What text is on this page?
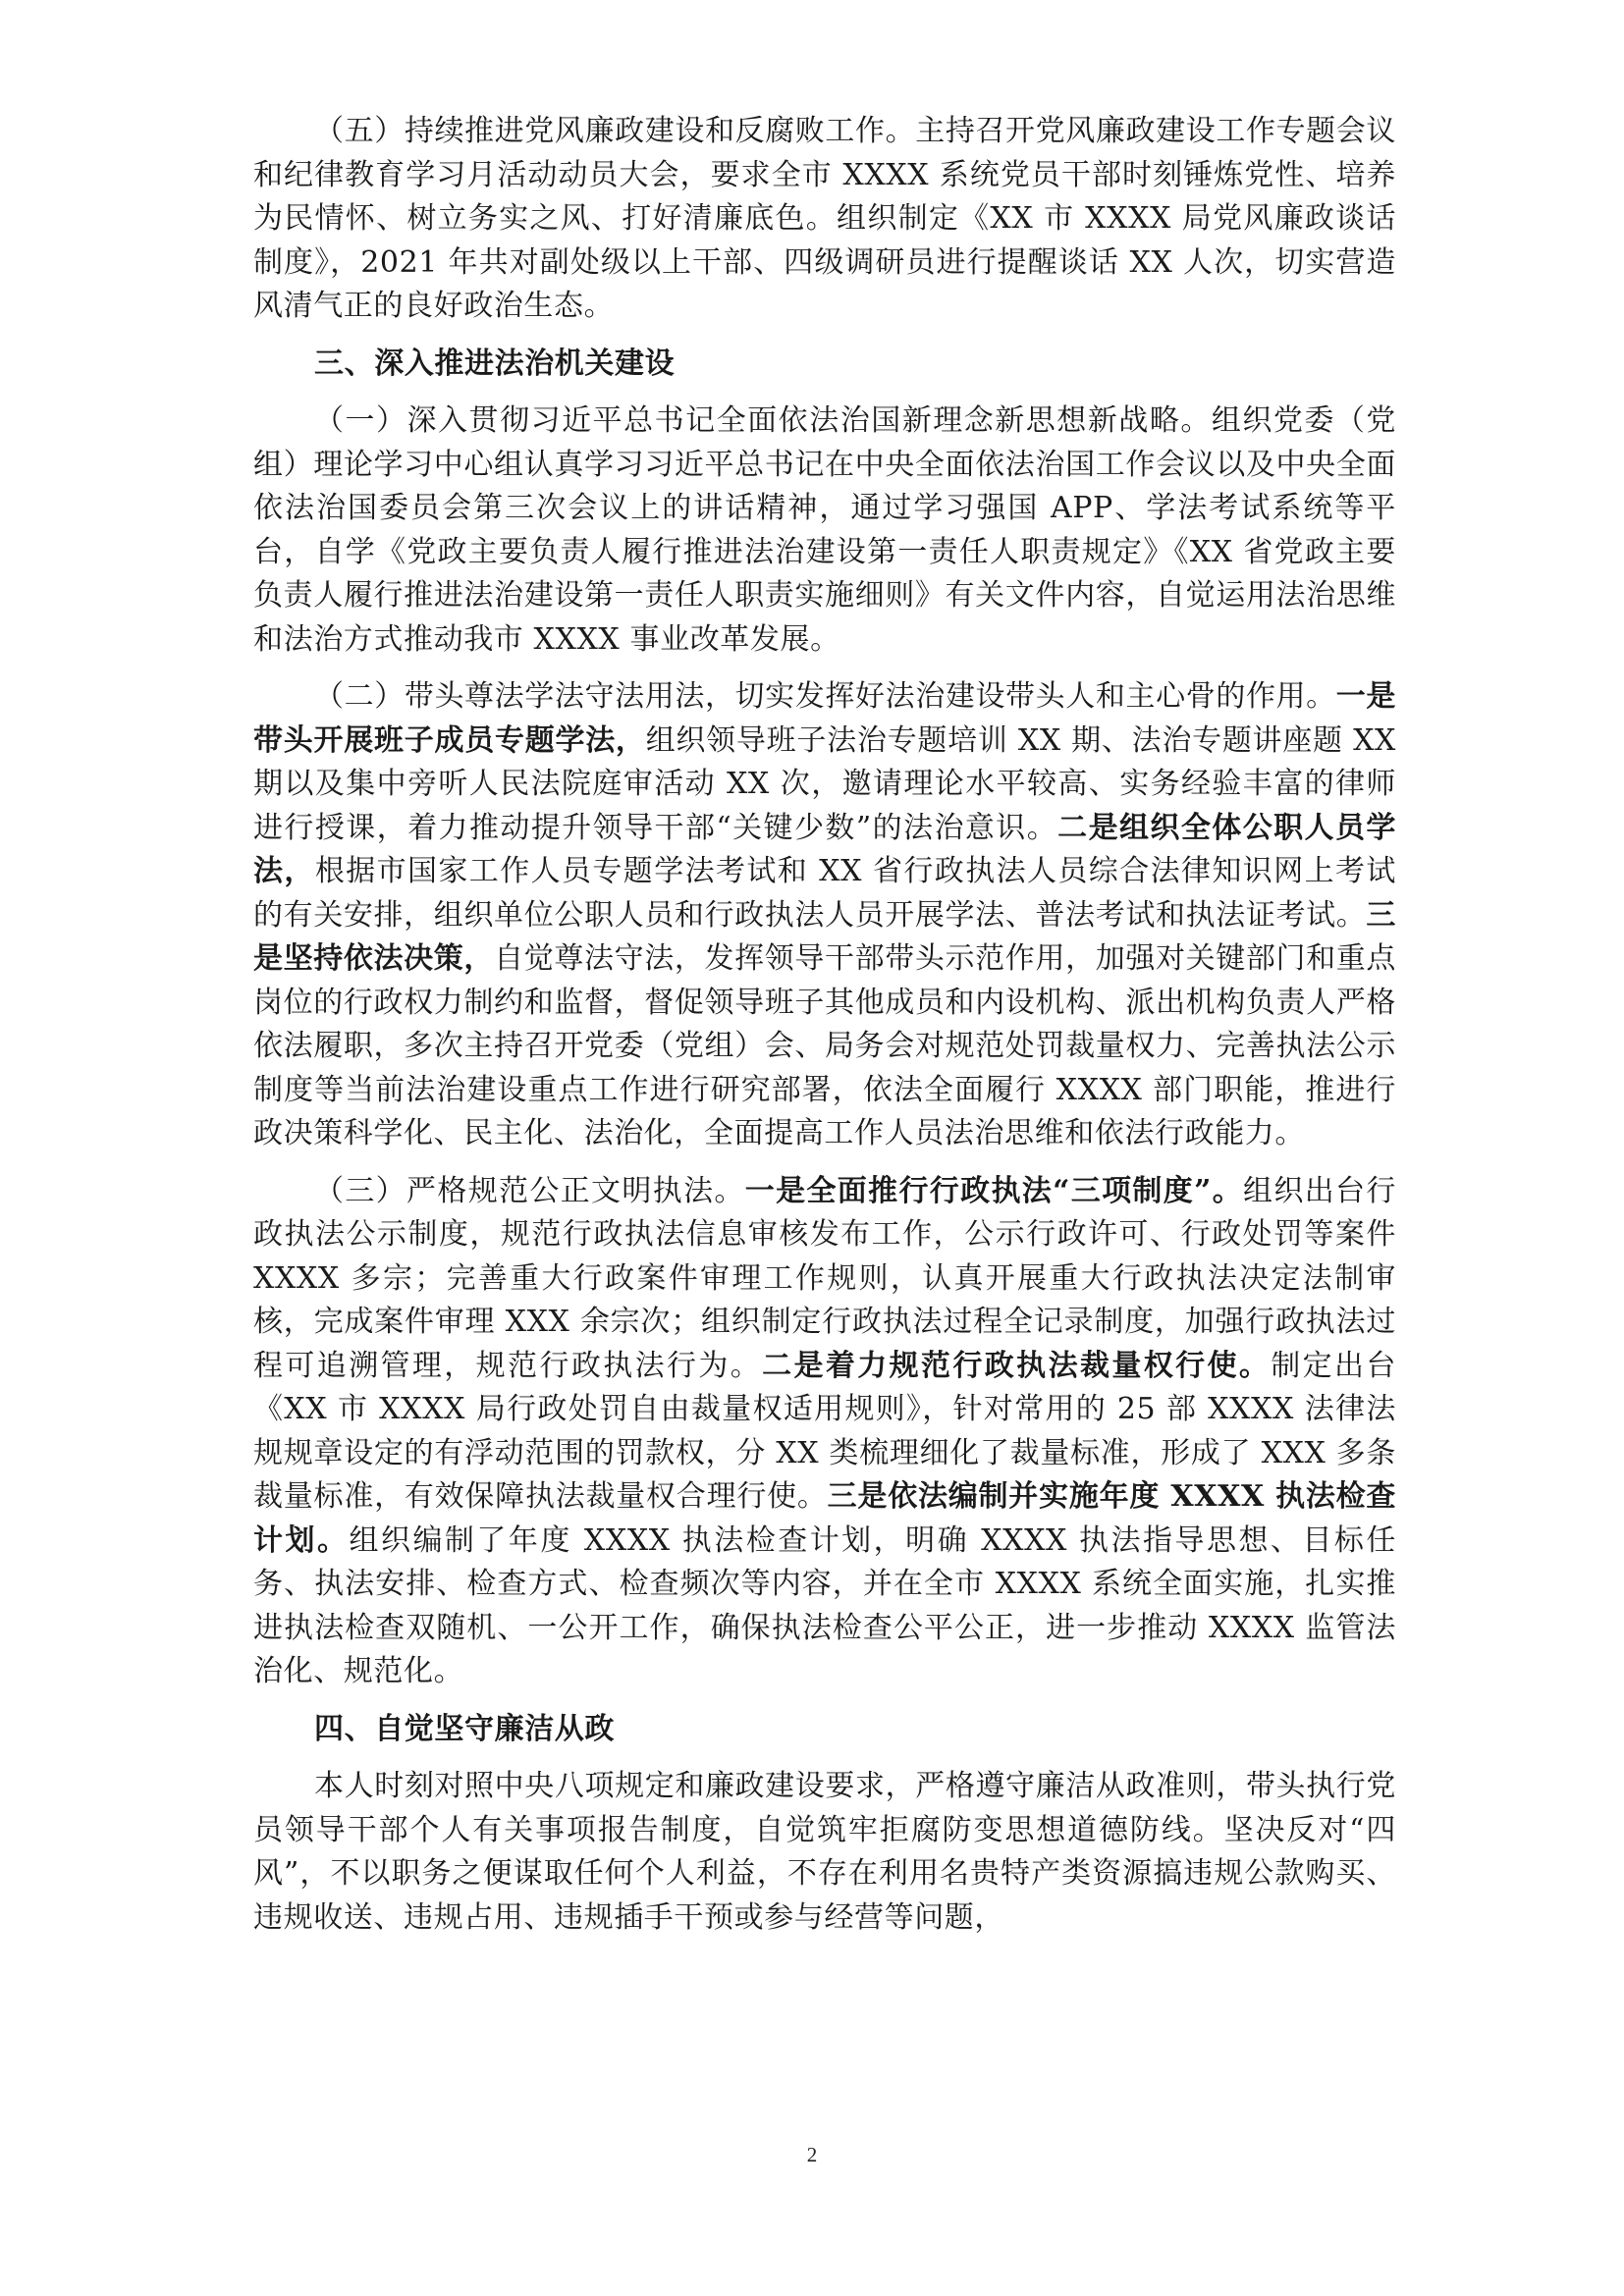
（五）持续推进党风廉政建设和反腐败工作。主持召开党风廉政建设工作专题会议和纪律教育学习月活动动员大会，要求全市 XXXX 系统党员干部时刻锤炼党性、培养为民情怀、树立务实之风、打好清廉底色。组织制定《XX 市 XXXX 局党风廉政谈话制度》，2021 年共对副处级以上干部、四级调研员进行提醒谈话 XX 人次，切实营造风清气正的良好政治生态。

三、深入推进法治机关建设

（一）深入贯彻习近平总书记全面依法治国新理念新思想新战略。组织党委（党组）理论学习中心组认真学习习近平总书记在中央全面依法治国工作会议以及中央全面依法治国委员会第三次会议上的讲话精神，通过学习强国 APP、学法考试系统等平台，自学《党政主要负责人履行推进法治建设第一责任人职责规定》《XX 省党政主要负责人履行推进法治建设第一责任人职责实施细则》有关文件内容，自觉运用法治思维和法治方式推动我市 XXXX 事业改革发展。

（二）带头尊法学法守法用法，切实发挥好法治建设带头人和主心骨的作用。一是带头开展班子成员专题学法，组织领导班子法治专题培训 XX 期、法治专题讲座题 XX 期以及集中旁听人民法院庭审活动 XX 次，邀请理论水平较高、实务经验丰富的律师进行授课，着力推动提升领导干部“关键少数”的法治意识。二是组织全体公职人员学法，根据市国家工作人员专题学法考试和 XX 省行政执法人员综合法律知识网上考试的有关安排，组织单位公职人员和行政执法人员开展学法、普法考试和执法证考试。三是坚持依法决策，自觉尊法守法，发挥领导干部带头示范作用，加强对关键部门和重点岗位的行政权力制约和监督，督促领导班子其他成员和内设机构、派出机构负责人严格依法履职，多次主持召开党委（党组）会、局务会对规范处罚裁量权力、完善执法公示制度等当前法治建设重点工作进行研究部署，依法全面履行 XXXX 部门职能，推进行政决策科学化、民主化、法治化，全面提高工作人员法治思维和依法行政能力。

（三）严格规范公正文明执法。一是全面推行行政执法“三项制度”。组织出台行政执法公示制度，规范行政执法信息审核发布工作，公示行政许可、行政处罚等案件 XXXX 多宗；完善重大行政案件审理工作规则，认真开展重大行政执法决定法制审核，完成案件审理 XXX 余宗次；组织制定行政执法过程全记录制度，加强行政执法过程可追溯管理，规范行政执法行为。二是着力规范行政执法裁量权行使。制定出台《XX 市 XXXX 局行政处罚自由裁量权适用规则》，针对常用的 25 部 XXXX 法律法规规章设定的有浮动范围的罚款权，分 XX 类梳理细化了裁量标准，形成了 XXX 多条裁量标准，有效保障执法裁量权合理行使。三是依法编制并实施年度 XXXX 执法检查计划。组织编制了年度 XXXX 执法检查计划，明确 XXXX 执法指导思想、目标任务、执法安排、检查方式、检查频次等内容，并在全市 XXXX 系统全面实施，扎实推进执法检查双随机、一公开工作，确保执法检查公平公正，进一步推动 XXXX 监管法治化、规范化。

四、自觉坚守廉洁从政

本人时刻对照中央八项规定和廉政建设要求，严格遵守廉洁从政准则，带头执行党员领导干部个人有关事项报告制度，自觉筑牢拒腐防变思想道德防线。坚决反对“四风”，不以职务之便谋取任何个人利益，不存在利用名贵特产类资源搞违规公款购买、违规收送、违规占用、违规插手干预或参与经营等问题，

2
